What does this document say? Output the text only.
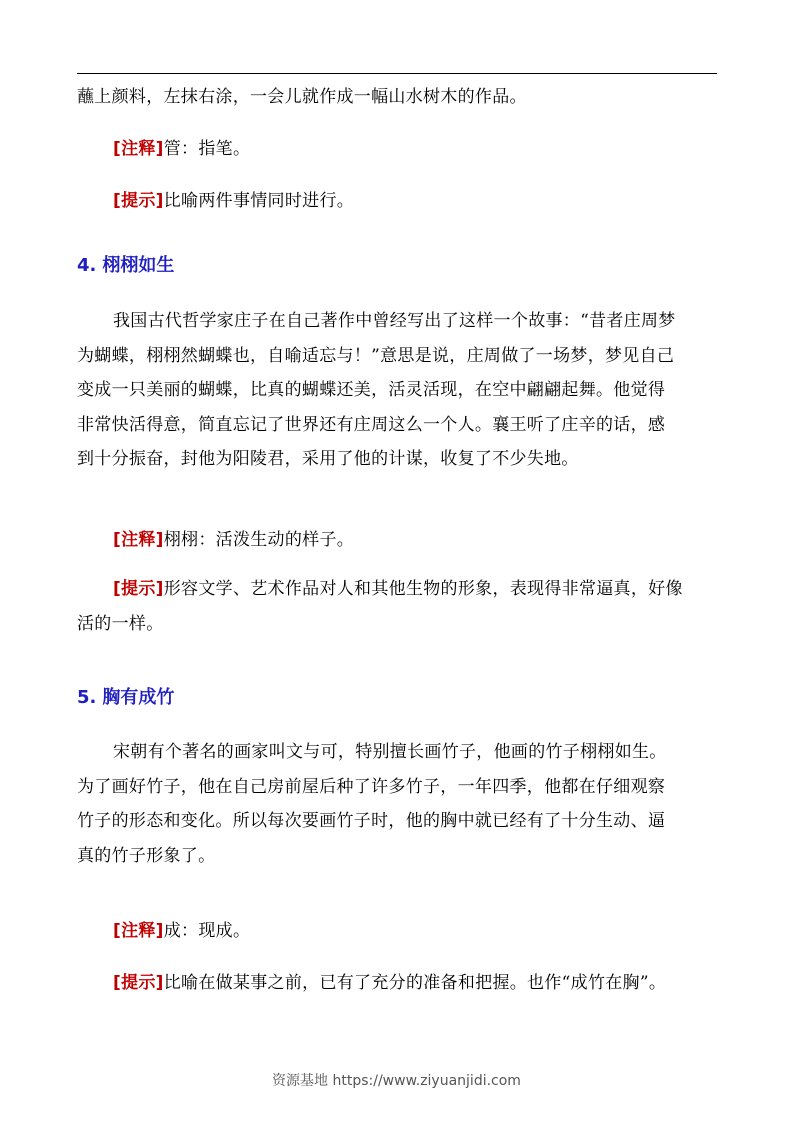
蘸上颜料，左抹右涂，一会儿就作成一幅山水树木的作品。
[注释]管：指笔。
[提示]比喻两件事情同时进行。
4. 栩栩如生
我国古代哲学家庄子在自己著作中曾经写出了这样一个故事：“昔者庄周梦
为蝴蝶，栩栩然蝴蝶也，自喻适忘与！”意思是说，庄周做了一场梦，梦见自己
变成一只美丽的蝴蝶，比真的蝴蝶还美，活灵活现，在空中翩翩起舞。他觉得
非常快活得意，简直忘记了世界还有庄周这么一个人。襄王听了庄辛的话，感
到十分振奋，封他为阳陵君，采用了他的计谋，收复了不少失地。
[注释]栩栩：活泼生动的样子。
[提示]形容文学、艺术作品对人和其他生物的形象，表现得非常逼真，好像
活的一样。
5. 胸有成竹
宋朝有个著名的画家叫文与可，特别擅长画竹子，他画的竹子栩栩如生。
为了画好竹子，他在自己房前屋后种了许多竹子，一年四季，他都在仔细观察
竹子的形态和变化。所以每次要画竹子时，他的胸中就已经有了十分生动、逼
真的竹子形象了。
[注释]成：现成。
[提示]比喻在做某事之前，已有了充分的准备和把握。也作“成竹在胸”。
资源基地 https://www.ziyuanjidi.com
